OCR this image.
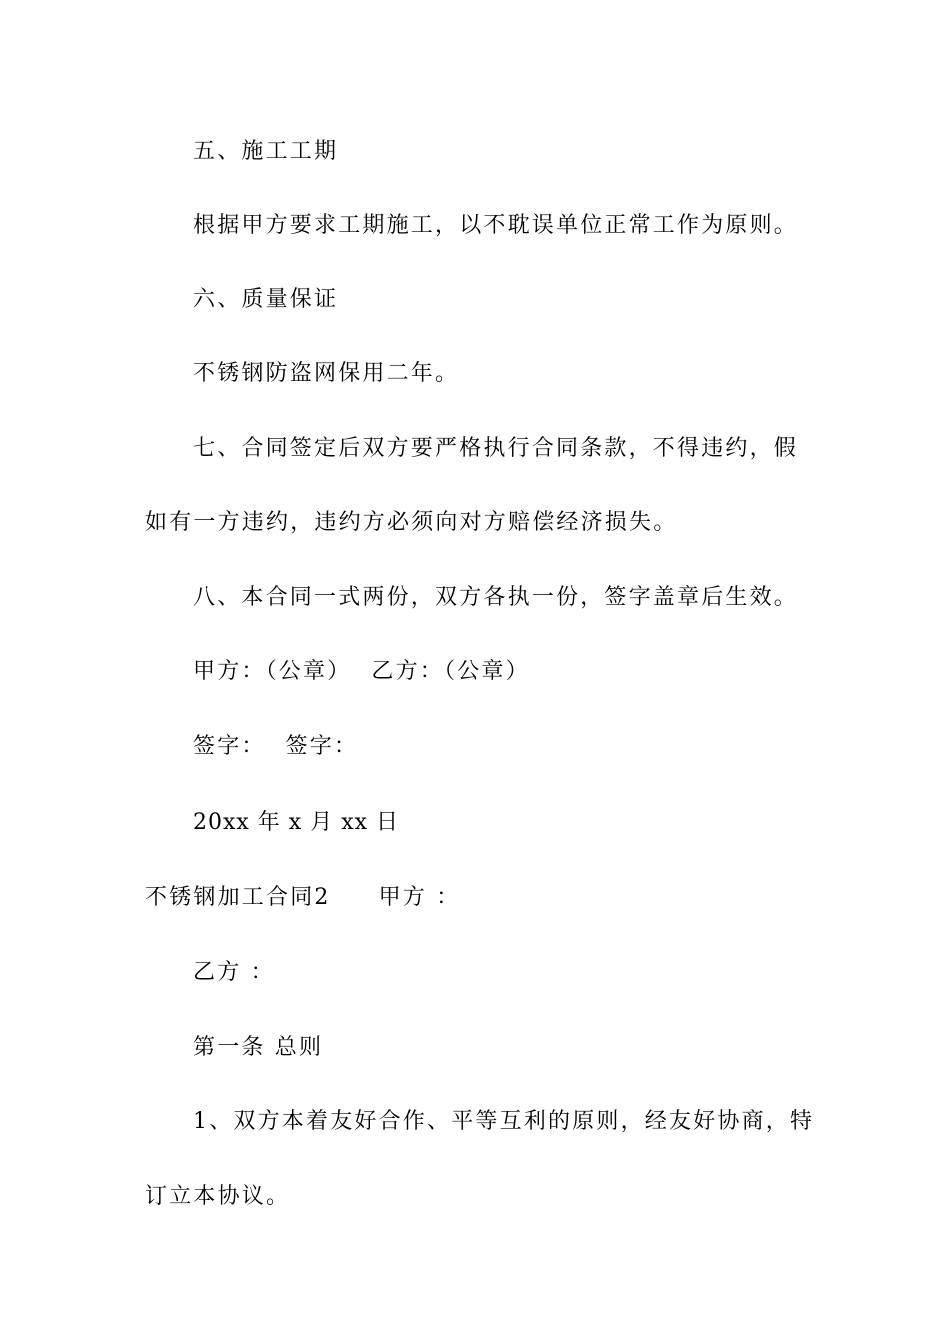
五、施工工期
根据甲方要求工期施工，以不耽误单位正常工作为原则。
六、质量保证
不锈钢防盗网保用二年。
七、合同签定后双方要严格执行合同条款，不得违约，假
如有一方违约，违约方必须向对方赔偿经济损失。
八、本合同一式两份，双方各执一份，签字盖章后生效。
甲方：（公章） 乙方：（公章）
签字： 签字：
20xx 年 x 月 xx 日
不锈钢加工合同2 甲方 ：
乙方 ：
第一条 总则
1、双方本着友好合作、平等互利的原则，经友好协商，特
订立本协议。
